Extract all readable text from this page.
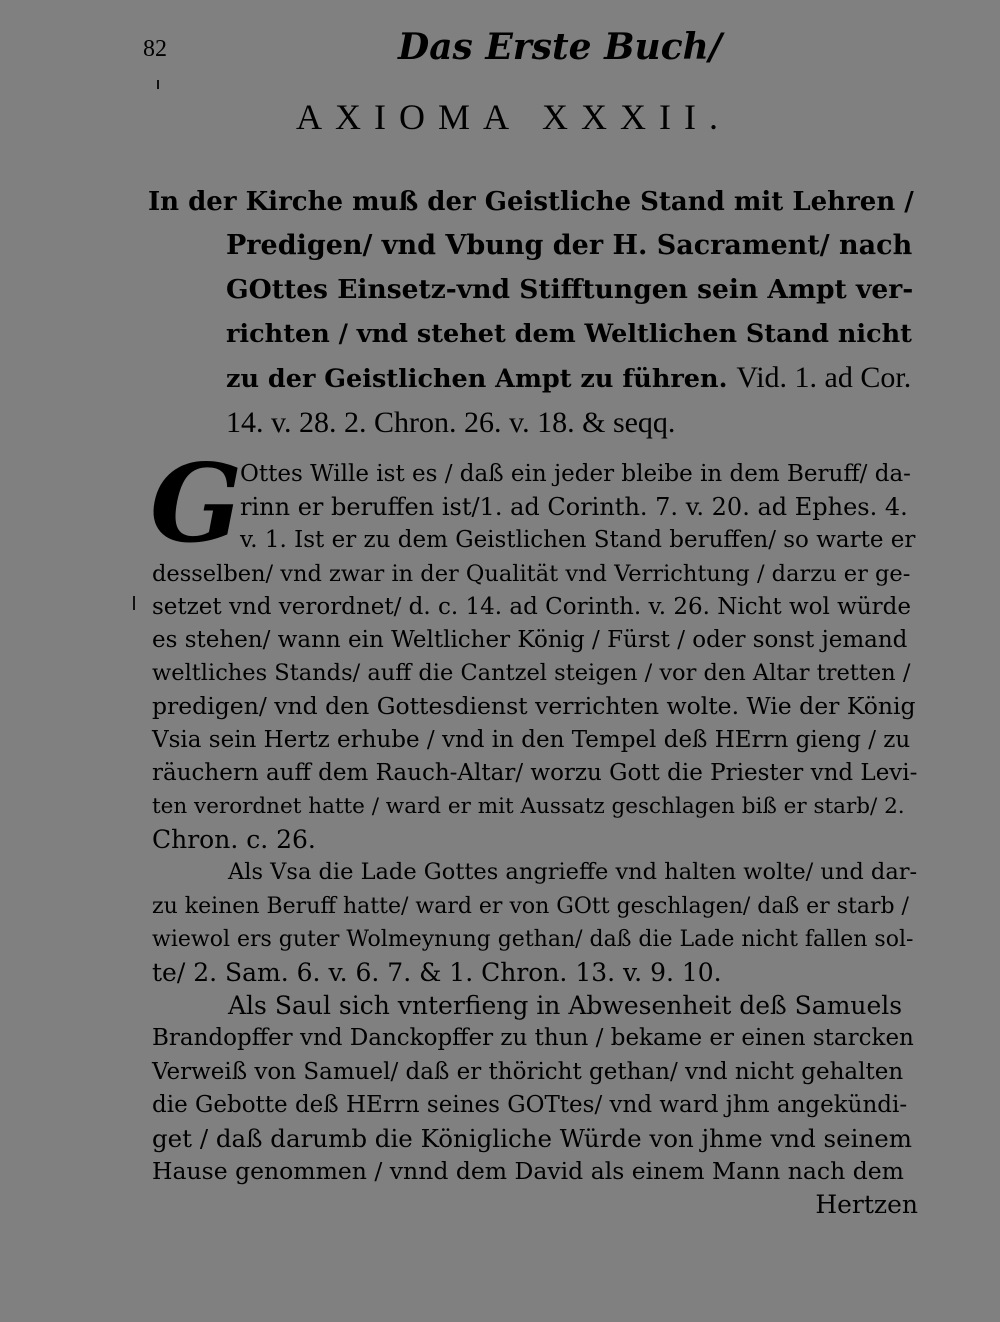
82	Das Erste Buch/
AXIOMA XXXII.
In der Kirche muß der Geistliche Stand mit Lehren /
Predigen/ vnd Vbung der H. Sacrament/ nach
GOttes Einsetz-vnd Stifftungen sein Ampt ver-
richten / vnd stehet dem Weltlichen Stand nicht
zu der Geistlichen Ampt zu führen. Vid. 1. ad Cor.
14. v. 28. 2. Chron. 26. v. 18. & seqq.
G
Ottes Wille ist es / daß ein jeder bleibe in dem Beruff/ da-
rinn er beruffen ist/1. ad Corinth. 7. v. 20. ad Ephes. 4.
v. 1. Ist er zu dem Geistlichen Stand beruffen/ so warte er
desselben/ vnd zwar in der Qualität vnd Verrichtung / darzu er ge-
setzet vnd verordnet/ d. c. 14. ad Corinth. v. 26. Nicht wol würde
es stehen/ wann ein Weltlicher König / Fürst / oder sonst jemand
weltliches Stands/ auff die Cantzel steigen / vor den Altar tretten /
predigen/ vnd den Gottesdienst verrichten wolte. Wie der König
Vsia sein Hertz erhube / vnd in den Tempel deß HErrn gieng / zu
räuchern auff dem Rauch-Altar/ worzu Gott die Priester vnd Levi-
ten verordnet hatte / ward er mit Aussatz geschlagen biß er starb/ 2.
Chron. c. 26.
Als Vsa die Lade Gottes angrieffe vnd halten wolte/ und dar-
zu keinen Beruff hatte/ ward er von GOtt geschlagen/ daß er starb /
wiewol ers guter Wolmeynung gethan/ daß die Lade nicht fallen sol-
te/ 2. Sam. 6. v. 6. 7. & 1. Chron. 13. v. 9. 10.
Als Saul sich vnterfieng in Abwesenheit deß Samuels
Brandopffer vnd Danckopffer zu thun / bekame er einen starcken
Verweiß von Samuel/ daß er thöricht gethan/ vnd nicht gehalten
die Gebotte deß HErrn seines GOTtes/ vnd ward jhm angekündi-
get / daß darumb die Königliche Würde von jhme vnd seinem
Hause genommen / vnnd dem David als einem Mann nach dem
Hertzen
